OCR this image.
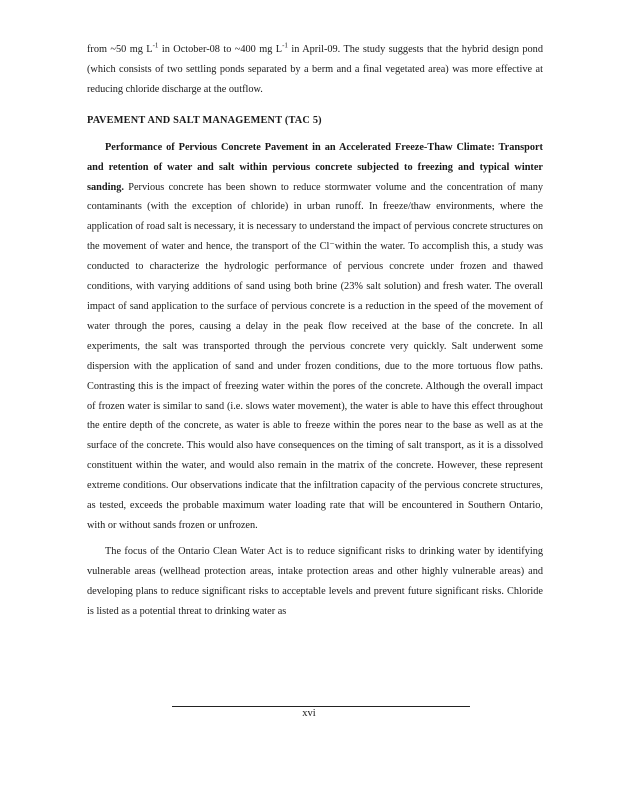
from ~50 mg $L^{-1}$ in October-08 to ~400 mg $L^{-1}$ in April-09. The study suggests that the hybrid design pond (which consists of two settling ponds separated by a berm and a final vegetated area) was more effective at reducing chloride discharge at the outflow.

PAVEMENT AND SALT MANAGEMENT (TAC 5)

Performance of Pervious Concrete Pavement in an Accelerated Freeze-Thaw Climate: Transport and retention of water and salt within pervious concrete subjected to freezing and typical winter sanding. Pervious concrete has been shown to reduce stormwater volume and the concentration of many contaminants (with the exception of chloride) in urban runoff. In freeze/thaw environments, where the application of road salt is necessary, it is necessary to understand the impact of pervious concrete structures on the movement of water and hence, the transport of the Cl⁻within the water. To accomplish this, a study was conducted to characterize the hydrologic performance of pervious concrete under frozen and thawed conditions, with varying additions of sand using both brine (23% salt solution) and fresh water. The overall impact of sand application to the surface of pervious concrete is a reduction in the speed of the movement of water through the pores, causing a delay in the peak flow received at the base of the concrete. In all experiments, the salt was transported through the pervious concrete very quickly. Salt underwent some dispersion with the application of sand and under frozen conditions, due to the more tortuous flow paths. Contrasting this is the impact of freezing water within the pores of the concrete. Although the overall impact of frozen water is similar to sand (i.e. slows water movement), the water is able to have this effect throughout the entire depth of the concrete, as water is able to freeze within the pores near to the base as well as at the surface of the concrete. This would also have consequences on the timing of salt transport, as it is a dissolved constituent within the water, and would also remain in the matrix of the concrete. However, these represent extreme conditions. Our observations indicate that the infiltration capacity of the pervious concrete structures, as tested, exceeds the probable maximum water loading rate that will be encountered in Southern Ontario, with or without sands frozen or unfrozen.

The focus of the Ontario Clean Water Act is to reduce significant risks to drinking water by identifying vulnerable areas (wellhead protection areas, intake protection areas and other highly vulnerable areas) and developing plans to reduce significant risks to acceptable levels and prevent future significant risks. Chloride is listed as a potential threat to drinking water as

xvi
